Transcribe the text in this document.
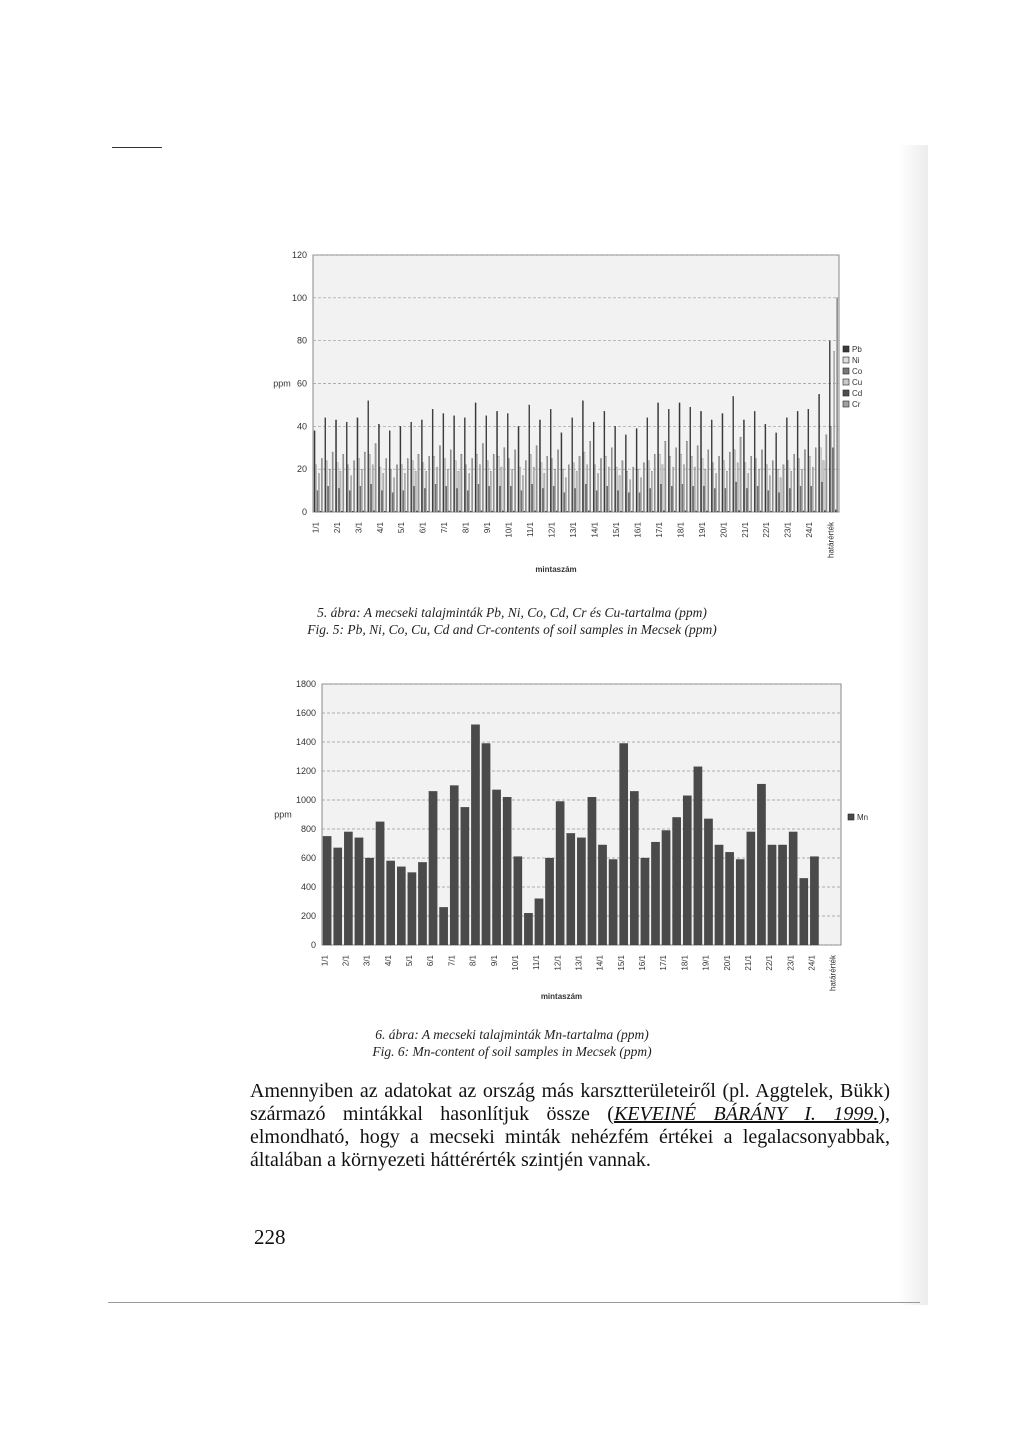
0
20
40
60
80
100
120
ppm
1/1 2/1 3/1 4/1 5/1 6/1 7/1 8/1 9/1 10/1 11/1 12/1 13/1 14/1 15/1 16/1 17/1 18/1 19/1 20/1 21/1 22/1 23/1 24/1 határérték
mintaszám
Pb
Ni
Co
Cu
Cd
Cr
5. ábra: A mecseki talajminták Pb, Ni, Co, Cd, Cr és Cu-tartalma (ppm)
Fig. 5: Pb, Ni, Co, Cu, Cd and Cr-contents of soil samples in Mecsek (ppm)
0
200
400
600
800
1000
1200
1400
1600
1800
ppm
1/1 2/1 3/1 4/1 5/1 6/1 7/1 8/1 9/1 10/1 11/1 12/1 13/1 14/1 15/1 16/1 17/1 18/1 19/1 20/1 21/1 22/1 23/1 24/1 határérték
mintaszám
Mn
6. ábra: A mecseki talajminták Mn-tartalma (ppm)
Fig. 6: Mn-content of soil samples in Mecsek (ppm)
Amennyiben az adatokat az ország más karsztterületeiről (pl. Aggtelek, Bükk) származó mintákkal hasonlítjuk össze (KEVEINÉ BÁRÁNY I. 1999.), elmondható, hogy a mecseki minták nehézfém értékei a legalacsonyabbak, általában a környezeti háttérérték szintjén vannak.
228
